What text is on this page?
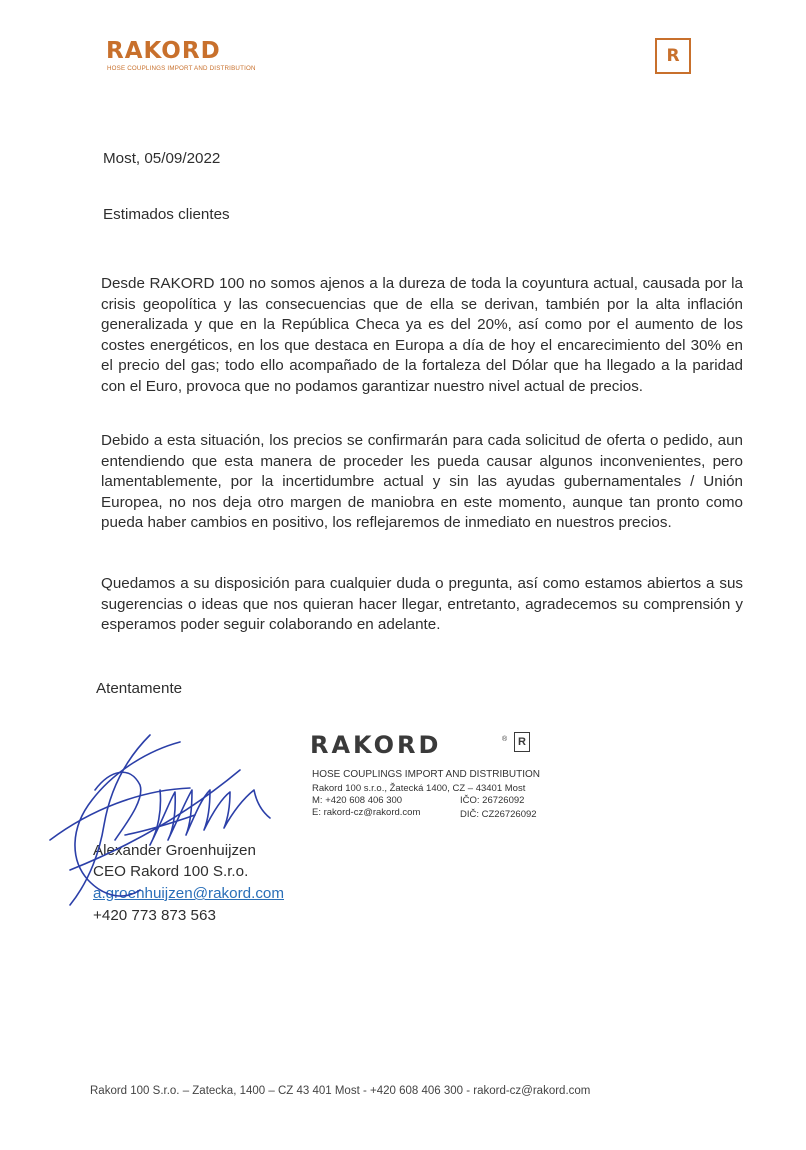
RAKORD
HOSE COUPLINGS IMPORT AND DISTRIBUTION
R
Most, 05/09/2022
Estimados clientes
Desde RAKORD 100 no somos ajenos a la dureza de toda la coyuntura actual, causada por la crisis geopolítica y las consecuencias que de ella se derivan, también por la alta inflación generalizada y que en la República Checa ya es del 20%, así como por el aumento de los costes energéticos, en los que destaca en Europa a día de hoy el encarecimiento del 30% en el precio del gas; todo ello acompañado de la fortaleza del Dólar que ha llegado a la paridad con el Euro, provoca que no podamos garantizar nuestro nivel actual de precios.
Debido a esta situación, los precios se confirmarán para cada solicitud de oferta o pedido, aun entendiendo que esta manera de proceder les pueda causar algunos inconvenientes, pero lamentablemente, por la incertidumbre actual y sin las ayudas gubernamentales / Unión Europea, no nos deja otro margen de maniobra en este momento, aunque tan pronto como pueda haber cambios en positivo, los reflejaremos de inmediato en nuestros precios.
Quedamos a su disposición para cualquier duda o pregunta, así como estamos abiertos a sus sugerencias o ideas que nos quieran hacer llegar, entretanto, agradecemos su comprensión y esperamos poder seguir colaborando en adelante.
Atentamente
RAKORD	® R
HOSE COUPLINGS IMPORT AND DISTRIBUTION
Rakord 100 s.r.o., Žatecká 1400, CZ – 43401 Most
M: +420 608 406 300
E: rakord-cz@rakord.com
IČO: 26726092
DIČ: CZ26726092
Alexander Groenhuijzen
CEO Rakord 100 S.r.o.
a.groenhuijzen@rakord.com
+420 773 873 563
Rakord 100 S.r.o. – Zatecka, 1400 – CZ 43 401 Most - +420 608 406 300 - rakord-cz@rakord.com
